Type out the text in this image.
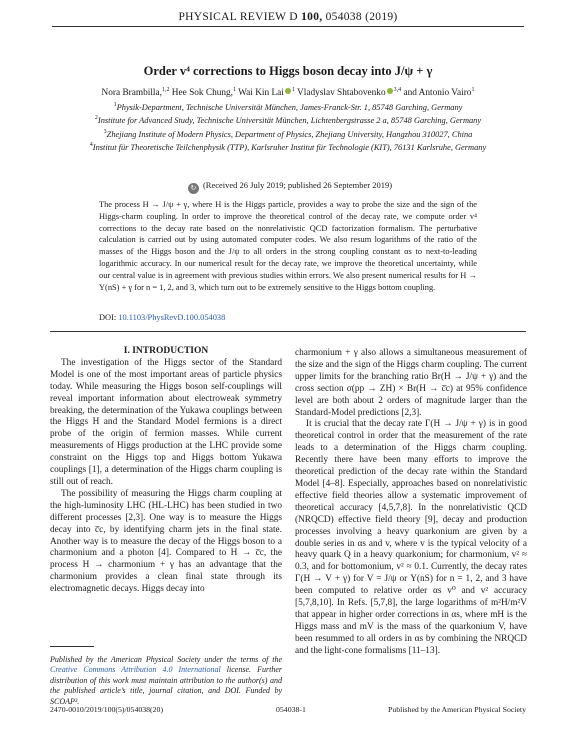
PHYSICAL REVIEW D 100, 054038 (2019)
Order v⁴ corrections to Higgs boson decay into J/ψ + γ
Nora Brambilla,$^{1,2}$ Hee Sok Chung,$^1$ Wai Kin Lai $^1$ Vladyslav Shtabovenko $^{3,4}$ and Antonio Vairo$^1$
$^1$Physik-Department, Technische Universität München, James-Franck-Str. 1, 85748 Garching, Germany
$^2$Institute for Advanced Study, Technische Universität München, Lichtenbergstrasse 2 a, 85748 Garching, Germany
$^3$Zhejiang Institute of Modern Physics, Department of Physics, Zhejiang University, Hangzhou 310027, China
$^4$Institut für Theoretische Teilchenphysik (TTP), Karlsruher Institut für Technologie (KIT), 76131 Karlsruhe, Germany
↻ (Received 26 July 2019; published 26 September 2019)
The process H → J/ψ + γ, where H is the Higgs particle, provides a way to probe the size and the sign of the Higgs-charm coupling. In order to improve the theoretical control of the decay rate, we compute order v⁴ corrections to the decay rate based on the nonrelativistic QCD factorization formalism. The perturbative calculation is carried out by using automated computer codes. We also resum logarithms of the ratio of the masses of the Higgs boson and the J/ψ to all orders in the strong coupling constant αs to next-to-leading logarithmic accuracy. In our numerical result for the decay rate, we improve the theoretical uncertainty, while our central value is in agreement with previous studies within errors. We also present numerical results for H → Υ(nS) + γ for n = 1, 2, and 3, which turn out to be extremely sensitive to the Higgs bottom coupling.
DOI: 10.1103/PhysRevD.100.054038

I. INTRODUCTION

The investigation of the Higgs sector of the Standard Model is one of the most important areas of particle physics today. While measuring the Higgs boson self-couplings will reveal important information about electroweak symmetry breaking, the determination of the Yukawa couplings between the Higgs H and the Standard Model fermions is a direct probe of the origin of fermion masses. While current measurements of Higgs production at the LHC provide some constraint on the Higgs top and Higgs bottom Yukawa couplings [1], a determination of the Higgs charm coupling is still out of reach.

The possibility of measuring the Higgs charm coupling at the high-luminosity LHC (HL-LHC) has been studied in two different processes [2,3]. One way is to measure the Higgs decay into c̅c, by identifying charm jets in the final state. Another way is to measure the decay of the Higgs boson to a charmonium and a photon [4]. Compared to H → c̅c, the process H → charmonium + γ has an advantage that the charmonium provides a clean final state through its electromagnetic decays. Higgs decay into

charmonium + γ also allows a simultaneous measurement of the size and the sign of the Higgs charm coupling. The current upper limits for the branching ratio Br(H → J/ψ + γ) and the cross section σ(pp → ZH) × Br(H → c̅c) at 95% confidence level are both about 2 orders of magnitude larger than the Standard-Model predictions [2,3].

It is crucial that the decay rate Γ(H → J/ψ + γ) is in good theoretical control in order that the measurement of the rate leads to a determination of the Higgs charm coupling. Recently there have been many efforts to improve the theoretical prediction of the decay rate within the Standard Model [4–8]. Especially, approaches based on nonrelativistic effective field theories allow a systematic improvement of theoretical accuracy [4,5,7,8]. In the nonrelativistic QCD (NRQCD) effective field theory [9], decay and production processes involving a heavy quarkonium are given by a double series in αs and v, where v is the typical velocity of a heavy quark Q in a heavy quarkonium; for charmonium, v² ≈ 0.3, and for bottomonium, v² ≈ 0.1. Currently, the decay rates Γ(H → V + γ) for V = J/ψ or Υ(nS) for n = 1, 2, and 3 have been computed to relative order αs v⁰ and v² accuracy [5,7,8,10]. In Refs. [5,7,8], the large logarithms of m²H/m²V that appear in higher order corrections in αs, where mH is the Higgs mass and mV is the mass of the quarkonium V, have been resummed to all orders in αs by combining the NRQCD and the light-cone formalisms [11–13].

Published by the American Physical Society under the terms of the Creative Commons Attribution 4.0 International license. Further distribution of this work must maintain attribution to the author(s) and the published article’s title, journal citation, and DOI. Funded by SCOAP³.
2470-0010/2019/100(5)/054038(20)	054038-1	Published by the American Physical Society
